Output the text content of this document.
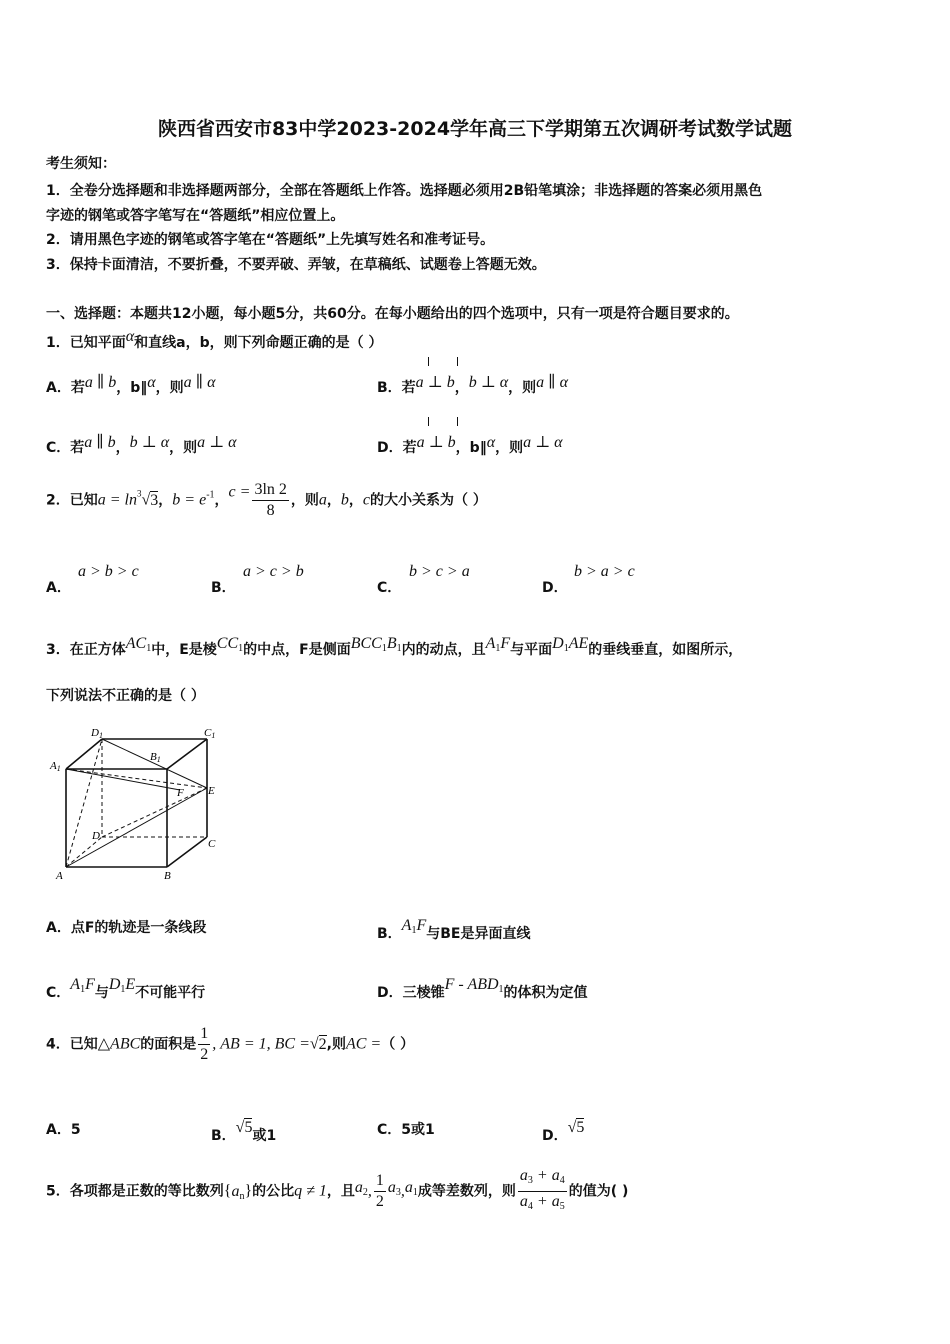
陕西省西安市83中学2023-2024学年高三下学期第五次调研考试数学试题
考生须知：
1．全卷分选择题和非选择题两部分，全部在答题纸上作答。选择题必须用2B铅笔填涂；非选择题的答案必须用黑色
字迹的钢笔或答字笔写在“答题纸”相应位置上。
2．请用黑色字迹的钢笔或答字笔在“答题纸”上先填写姓名和准考证号。
3．保持卡面清洁，不要折叠，不要弄破、弄皱，在草稿纸、试题卷上答题无效。
一、选择题：本题共12小题，每小题5分，共60分。在每小题给出的四个选项中，只有一项是符合题目要求的。
1．已知平面α和直线a，b，则下列命题正确的是（ ）
A．若a ∥ b，b‖α，则a ∥ α	B．若a ⊥ b，b ⊥ α，则a ∥ α
C．若a ∥ b，b ⊥ α，则a ⊥ α	D．若a ⊥ b，b‖α，则a ⊥ α
2．已知$a = \ln^3√3$，$b = e^{-1}$，$c = \frac{3\ln 2}{8}$ ，则a，b，c的大小关系为（ ）
A．
a > b > c
B．
a > c > b
C．
b > c > a
D．
b > a > c
3．在正方体$AC_1$中，E是棱$CC_1$的中点，F是侧面$BCC_1B_1$内的动点，且$A_1F$与平面$D_1AE$的垂线垂直，如图所示，
下列说法不正确的是（ ）
D1	C1
A1
B1
F E
D
C
A	B
A．点F的轨迹是一条线段	B．$A_1F$与BE是异面直线
C．$A_1F$与$D_1E$不可能平行	D．三棱锥F - $ABD_1$的体积为定值
4．已知△ABC的面积是 $\frac{1}{2}$ , AB = 1, BC =√2,则AC =（ ）
A．5	B．√5或1	C．5或1	D．√5
5．各项都是正数的等比数列$\{a_n\}$的公比q ≠ 1，且$a_2$, $\frac{1}{2} a_3,a_1$成等差数列，则 $\frac{a_3 + a_4}{a_4 + a_5}$ 的值为( )
